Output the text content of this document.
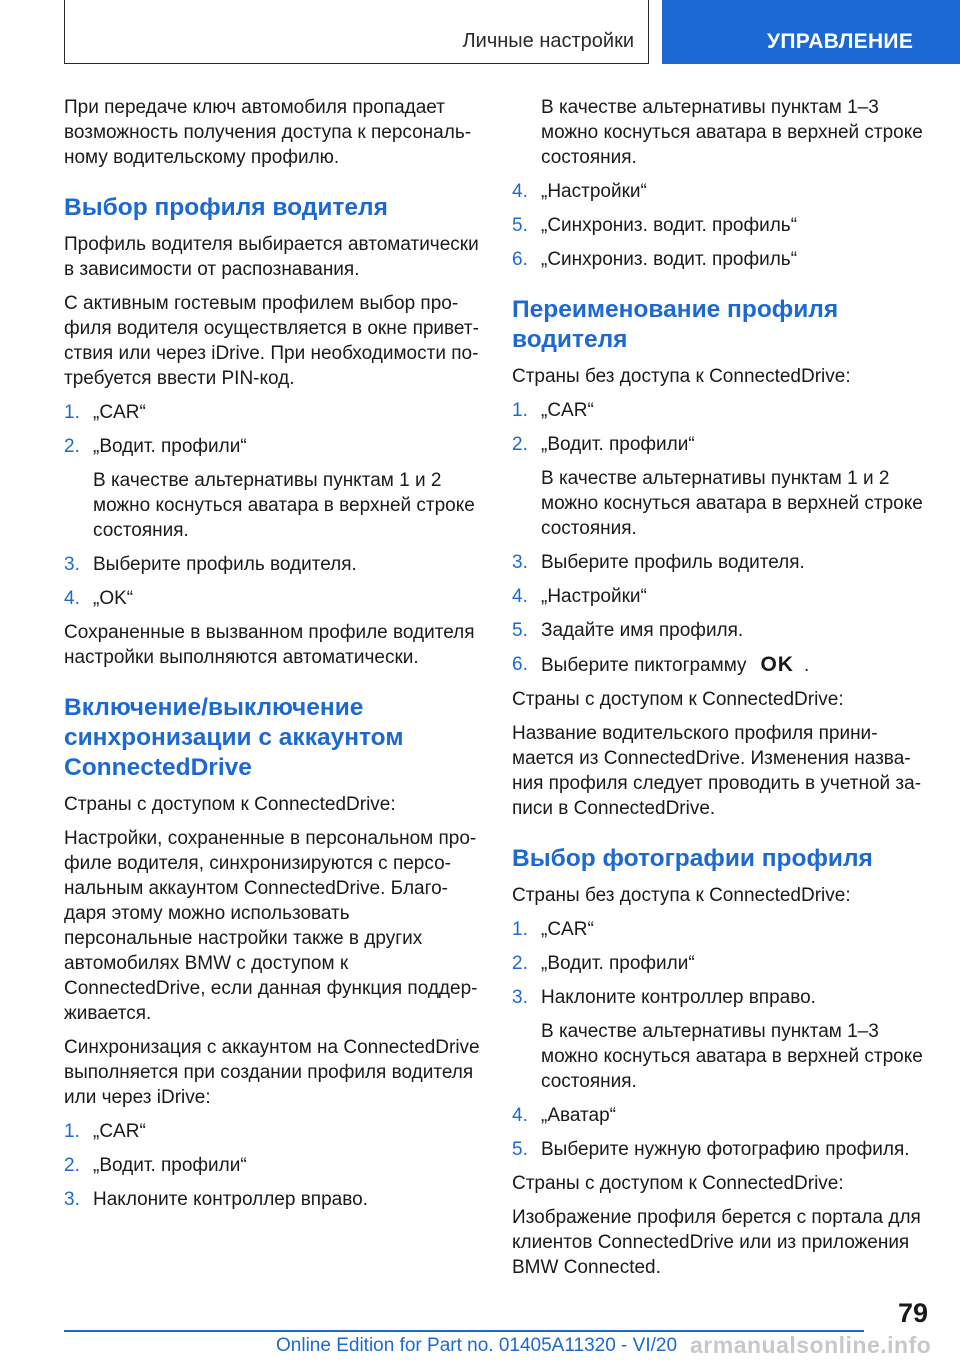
Личные настройки	УПРАВЛЕНИЕ

При передаче ключ автомобиля пропадает возможность получения доступа к персональному водительскому профилю.

Выбор профиля водителя

Профиль водителя выбирается автоматически в зависимости от распознавания.

С активным гостевым профилем выбор профиля водителя осуществляется в окне приветствия или через iDrive. При необходимости потребуется ввести PIN-код.

1. „CAR“
2. „Водит. профили“
В качестве альтернативы пунктам 1 и 2 можно коснуться аватара в верхней строке состояния.
3. Выберите профиль водителя.
4. „OK“

Сохраненные в вызванном профиле водителя настройки выполняются автоматически.

Включение/выключение синхронизации с аккаунтом ConnectedDrive

Страны с доступом к ConnectedDrive:

Настройки, сохраненные в персональном профиле водителя, синхронизируются с персональным аккаунтом ConnectedDrive. Благодаря этому можно использовать персональные настройки также в других автомобилях BMW с доступом к ConnectedDrive, если данная функция поддерживается.

Синхронизация с аккаунтом на ConnectedDrive выполняется при создании профиля водителя или через iDrive:

1. „CAR“
2. „Водит. профили“
3. Наклоните контроллер вправо.

В качестве альтернативы пунктам 1–3 можно коснуться аватара в верхней строке состояния.

4. „Настройки“
5. „Синхрониз. водит. профиль“
6. „Синхрониз. водит. профиль“
Переименование профиля водителя

Страны без доступа к ConnectedDrive:

1. „CAR“
2. „Водит. профили“
В качестве альтернативы пунктам 1 и 2 можно коснуться аватара в верхней строке состояния.
3. Выберите профиль водителя.
4. „Настройки“
5. Задайте имя профиля.
6. Выберите пиктограмму OK .

Страны с доступом к ConnectedDrive:

Название водительского профиля принимается из ConnectedDrive. Изменения названия профиля следует проводить в учетной записи в ConnectedDrive.

Выбор фотографии профиля

Страны без доступа к ConnectedDrive:

1. „CAR“
2. „Водит. профили“
3. Наклоните контроллер вправо.
В качестве альтернативы пунктам 1–3 можно коснуться аватара в верхней строке состояния.
4. „Аватар“
5. Выберите нужную фотографию профиля.

Страны с доступом к ConnectedDrive:

Изображение профиля берется с портала для клиентов ConnectedDrive или из приложения BMW Connected.

79
Online Edition for Part no. 01405A11320 - VI/20 armanualsonline.info
